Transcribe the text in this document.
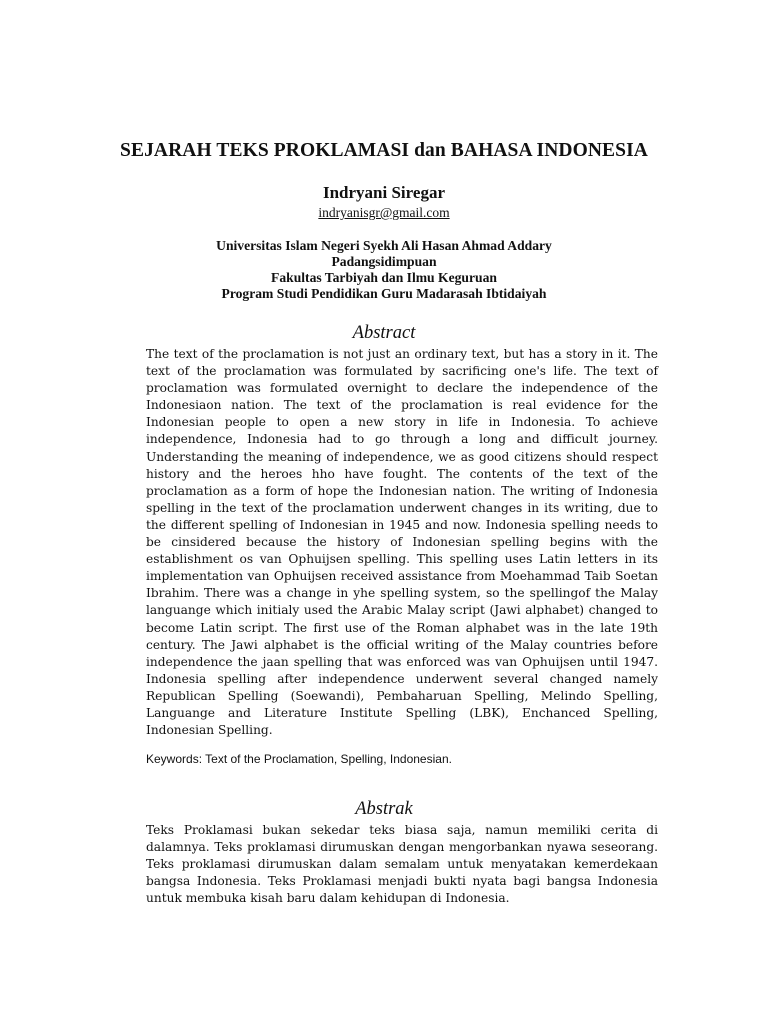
SEJARAH TEKS PROKLAMASI dan BAHASA INDONESIA
Indryani Siregar
indryanisgr@gmail.com
Universitas Islam Negeri Syekh Ali Hasan Ahmad Addary
Padangsidimpuan
Fakultas Tarbiyah dan Ilmu Keguruan
Program Studi Pendidikan Guru Madarasah Ibtidaiyah
Abstract
The text of the proclamation is not just an ordinary text, but has a story in it. The text of the proclamation was formulated by sacrificing one's life. The text of proclamation was formulated overnight to declare the independence of the Indonesiaon nation. The text of the proclamation is real evidence for the Indonesian people to open a new story in life in Indonesia. To achieve independence, Indonesia had to go through a long and difficult journey. Understanding the meaning of independence, we as good citizens should respect history and the heroes hho have fought. The contents of the text of the proclamation as a form of hope the Indonesian nation. The writing of Indonesia spelling in the text of the proclamation underwent changes in its writing, due to the different spelling of Indonesian in 1945 and now. Indonesia spelling needs to be cinsidered because the history of Indonesian spelling begins with the establishment os van Ophuijsen spelling. This spelling uses Latin letters in its implementation van Ophuijsen received assistance from Moehammad Taib Soetan Ibrahim. There was a change in yhe spelling system, so the spellingof the Malay languange which initialy used the Arabic Malay script (Jawi alphabet) changed to become Latin script. The first use of the Roman alphabet was in the late 19th century. The Jawi alphabet is the official writing of the Malay countries before independence the jaan spelling that was enforced was van Ophuijsen until 1947. Indonesia spelling after independence underwent several changed namely Republican Spelling (Soewandi), Pembaharuan Spelling, Melindo Spelling, Languange and Literature Institute Spelling (LBK), Enchanced Spelling, Indonesian Spelling.
Keywords: Text of the Proclamation, Spelling, Indonesian.
Abstrak
Teks Proklamasi bukan sekedar teks biasa saja, namun memiliki cerita di dalamnya. Teks proklamasi dirumuskan dengan mengorbankan nyawa seseorang. Teks proklamasi dirumuskan dalam semalam untuk menyatakan kemerdekaan bangsa Indonesia. Teks Proklamasi menjadi bukti nyata bagi bangsa Indonesia untuk membuka kisah baru dalam kehidupan di Indonesia.
